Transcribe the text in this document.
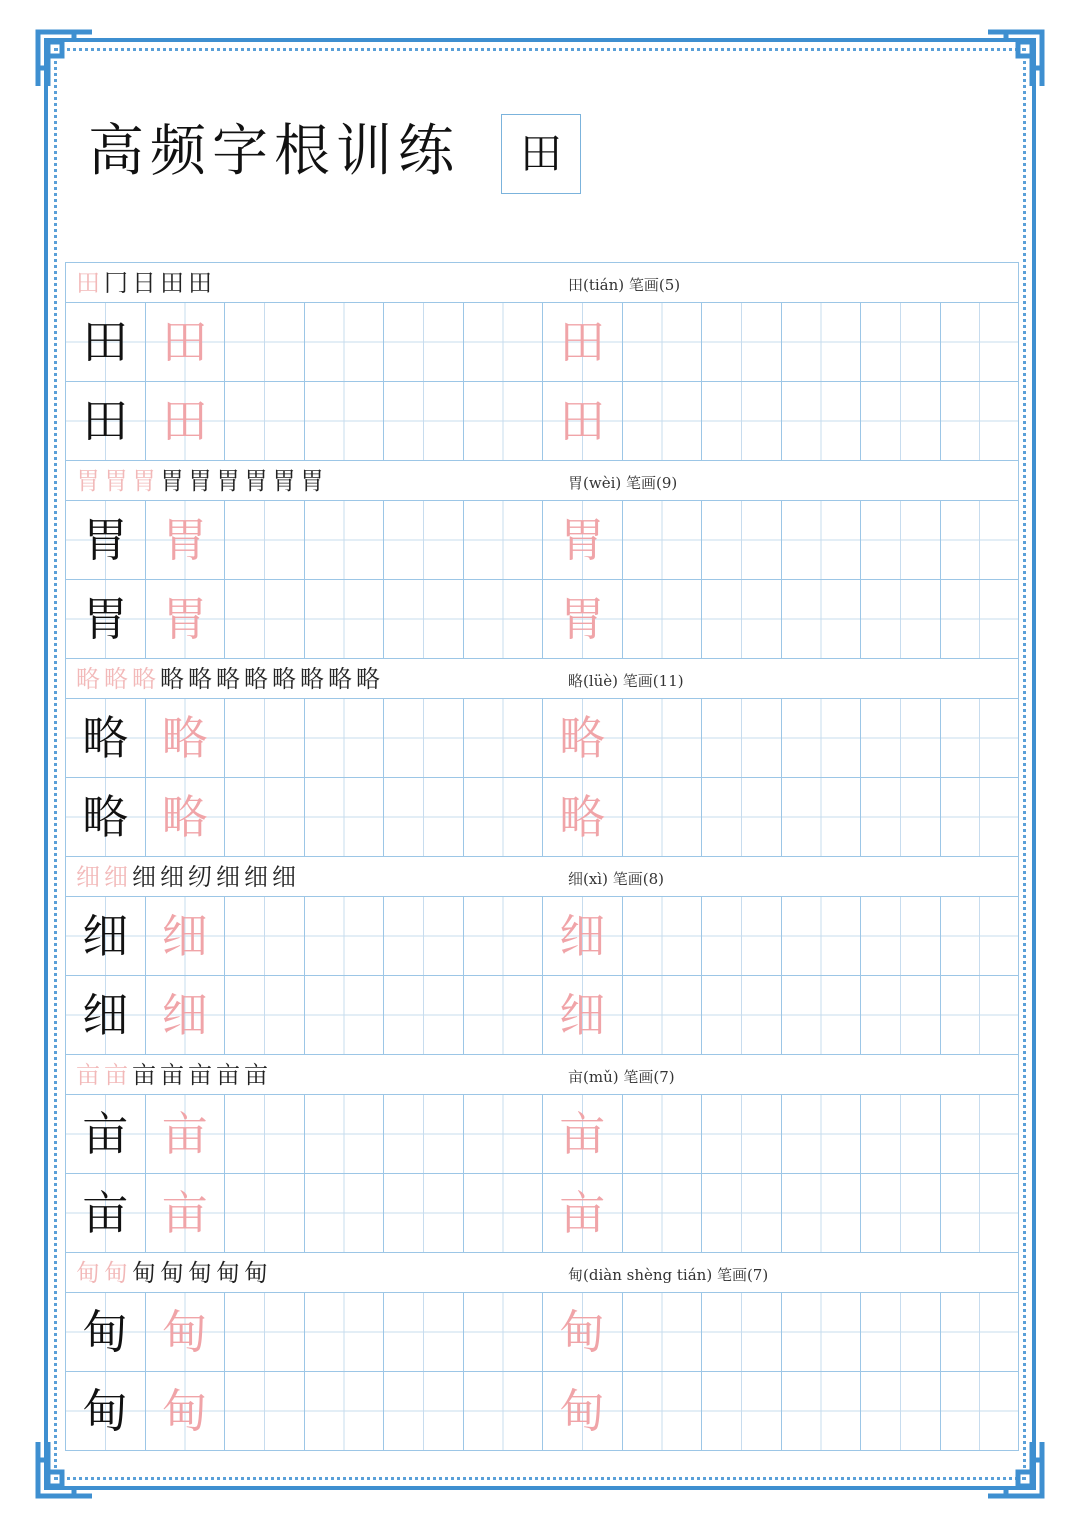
高频字根训练	田
田冂日田田	田(tián) 笔画(5)
田 田	田
田 田	田
胃胃胃胃胃胃胃胃胃	胃(wèi) 笔画(9)
胃 胃	胃
胃 胃	胃
略略略略略略略略略略略	略(lüè) 笔画(11)
略 略	略
略 略	略
细细细细纫细细细	细(xì) 笔画(8)
细 细	细
细 细	细
亩亩亩亩亩亩亩	亩(mǔ) 笔画(7)
亩 亩	亩
亩 亩	亩
甸甸甸甸甸甸甸	甸(diàn shèng tián) 笔画(7)
甸 甸	甸
甸 甸	甸
